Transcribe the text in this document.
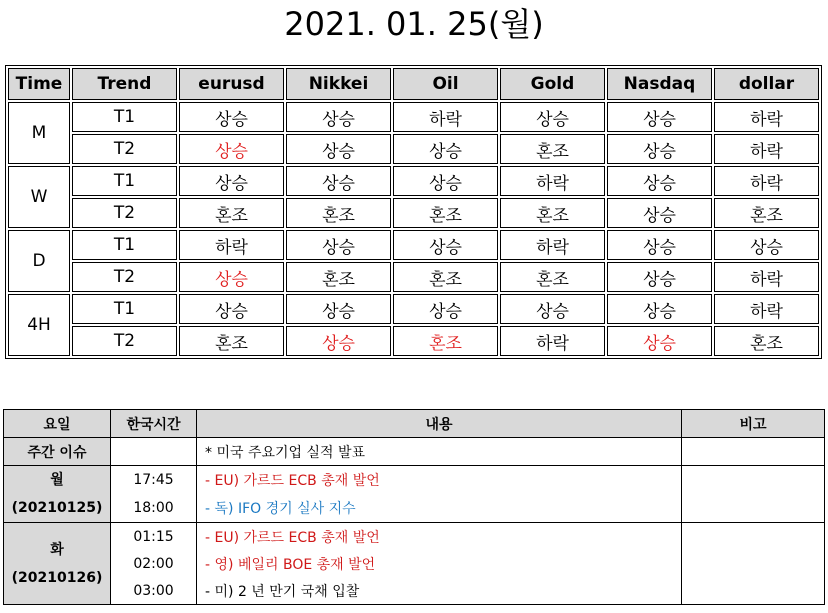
2021. 01. 25(월)
Time	Trend	eurusd	Nikkei	Oil	Gold	Nasdaq	dollar
M	T1	상승	상승	하락	상승	상승	하락
	T2	상승	상승	상승	혼조	상승	하락
W	T1	상승	상승	상승	하락	상승	하락
	T2	혼조	혼조	혼조	혼조	상승	혼조
D	T1	하락	상승	상승	하락	상승	상승
	T2	상승	혼조	혼조	혼조	상승	하락
4H	T1	상승	상승	상승	상승	상승	하락
	T2	혼조	상승	혼조	하락	상승	혼조
요일	한국시간	내용	비고
주간 이슈		* 미국 주요기업 실적 발표	

월
(20210125)	17:45	- EU) 가르드 ECB 총재 발언	
	18:00	- 독) IFO 경기 실사 지수	

화
(20210126)	01:15	- EU) 가르드 ECB 총재 발언	
	02:00	- 영) 베일리 BOE 총재 발언	
	03:00	- 미) 2 년 만기 국채 입찰	
